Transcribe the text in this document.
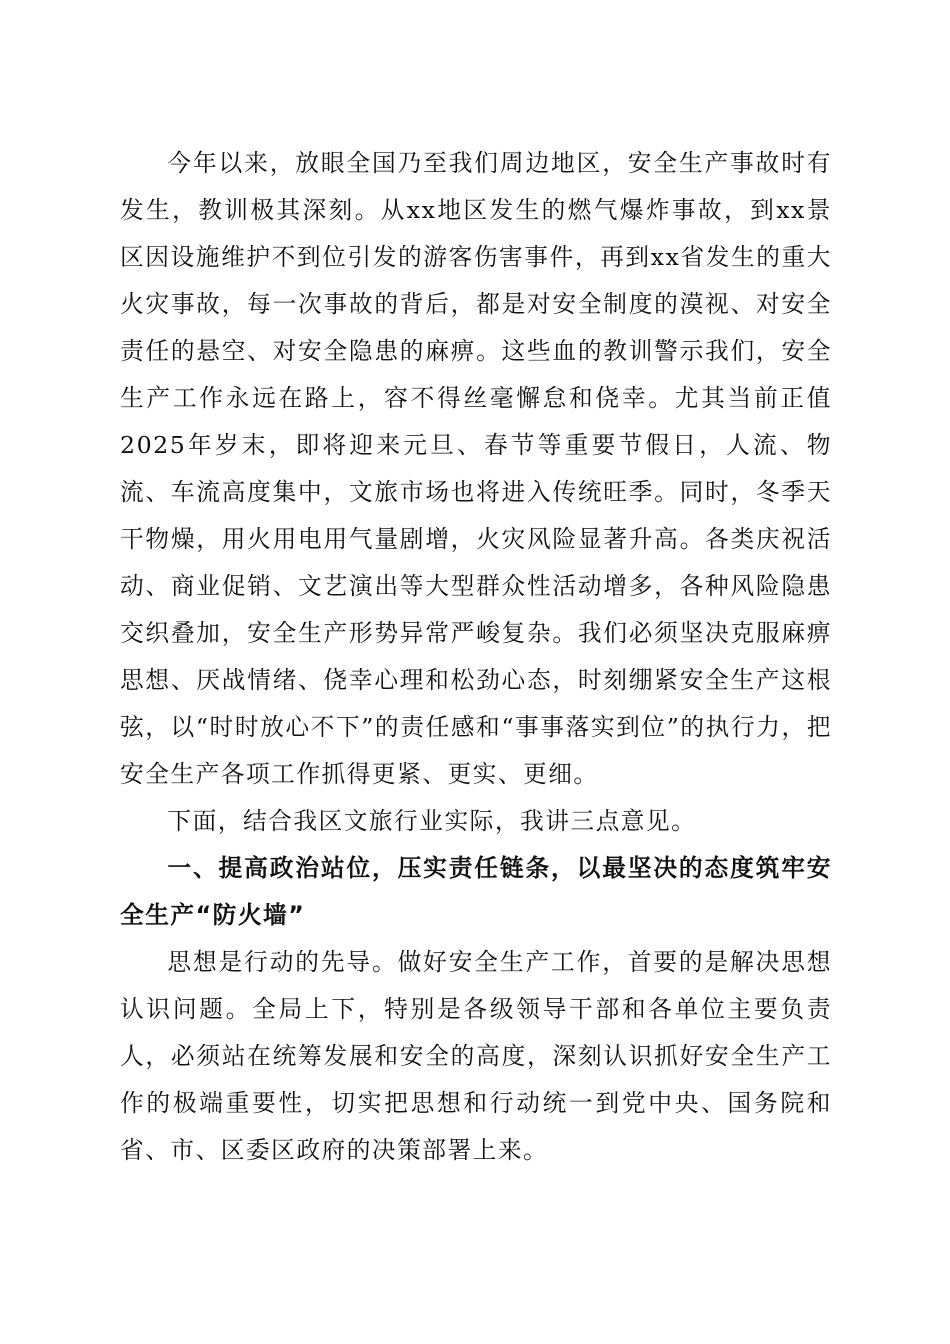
今年以来，放眼全国乃至我们周边地区，安全生产事故时有发生，教训极其深刻。从xx地区发生的燃气爆炸事故，到xx景区因设施维护不到位引发的游客伤害事件，再到xx省发生的重大火灾事故，每一次事故的背后，都是对安全制度的漠视、对安全责任的悬空、对安全隐患的麻痹。这些血的教训警示我们，安全生产工作永远在路上，容不得丝毫懈怠和侥幸。尤其当前正值2025年岁末，即将迎来元旦、春节等重要节假日，人流、物流、车流高度集中，文旅市场也将进入传统旺季。同时，冬季天干物燥，用火用电用气量剧增，火灾风险显著升高。各类庆祝活动、商业促销、文艺演出等大型群众性活动增多，各种风险隐患交织叠加，安全生产形势异常严峻复杂。我们必须坚决克服麻痹思想、厌战情绪、侥幸心理和松劲心态，时刻绷紧安全生产这根弦，以“时时放心不下”的责任感和“事事落实到位”的执行力，把安全生产各项工作抓得更紧、更实、更细。

下面，结合我区文旅行业实际，我讲三点意见。

一、提高政治站位，压实责任链条，以最坚决的态度筑牢安全生产“防火墙”

思想是行动的先导。做好安全生产工作，首要的是解决思想认识问题。全局上下，特别是各级领导干部和各单位主要负责人，必须站在统筹发展和安全的高度，深刻认识抓好安全生产工作的极端重要性，切实把思想和行动统一到党中央、国务院和省、市、区委区政府的决策部署上来。
